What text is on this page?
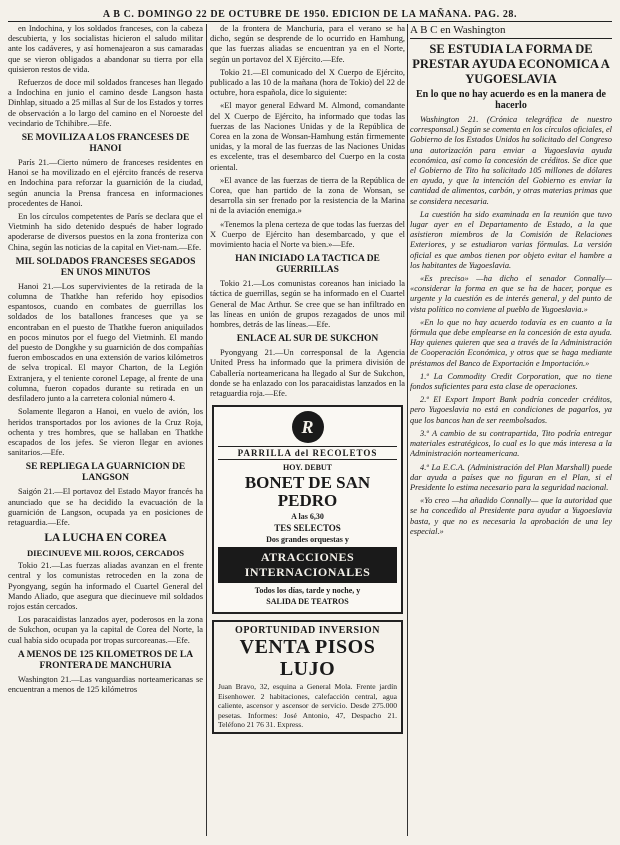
A B C. DOMINGO 22 DE OCTUBRE DE 1950. EDICION DE LA MAÑANA. PAG. 28.

en Indochina, y los soldados franceses, con la cabeza descubierta, y los socialistas hicieron el saludo militar ante los cadáveres, y así homenajearon a sus camaradas que se vieron obligados a abandonar su tierra por ella quisieron restos de vida.

Refuerzos de doce mil soldados franceses han llegado a Indochina en junio el camino desde Langson hasta Dinhlap, situado a 25 millas al Sur de los Estados y torres de observación a lo largo del camino en el Noroeste del vecindario de Tchihibre.—Efe.

SE MOVILIZA A LOS FRANCESES DE HANOI

París 21.—Cierto número de franceses residentes en Hanoi se ha movilizado en el ejército francés de reserva en Indochina para reforzar la guarnición de la ciudad, según anuncia la Prensa francesa en informaciones procedentes de Hanoi.

En los círculos competentes de París se declara que el Vietminh ha sido detenido después de haber logrado apoderarse de diversos puestos en la zona fronteriza con China, según las noticias de la capital en Viet-nam.—Efe.

MIL SOLDADOS FRANCESES SEGADOS EN UNOS MINUTOS

Hanoi 21.—Los supervivientes de la retirada de la columna de Thatkhe han referido hoy episodios espantosos, cuando en combates de guerrillas los soldados de los batallones franceses que ya se encontraban en el puesto de Thatkhe fueron aniquilados en pocos minutos por el fuego del Vietminh. El mando del puesto de Dongkhe y su guarnición de dos compañías fueron emboscados en una extensión de varios kilómetros de selva tropical. El mayor Charton, de la Legión Extranjera, y el teniente coronel Lepage, al frente de una columna, fueron copados durante su retirada en un desfiladero junto a la carretera colonial número 4.

Solamente llegaron a Hanoi, en vuelo de avión, los heridos transportados por los aviones de la Cruz Roja, ochenta y tres hombres, que se hallaban en Thatkhe escapados de los jefes. Se vieron llegar en aviones sanitarios.—Efe.

SE REPLIEGA LA GUARNICION DE LANGSON

Saigón 21.—El portavoz del Estado Mayor francés ha anunciado que se ha decidido la evacuación de la guarnición de Langson, ocupada ya en posiciones de retaguardia.—Efe.

LA LUCHA EN COREA
DIECINUEVE MIL ROJOS, CERCADOS

Tokio 21.—Las fuerzas aliadas avanzan en el frente central y los comunistas retroceden en la zona de Pyongyang, según ha informado el Cuartel General del Mando Aliado, que asegura que diecinueve mil soldados rojos están cercados.

Los paracaidistas lanzados ayer, poderosos en la zona de Sukchon, ocupan ya la capital de Corea del Norte, la cual había sido ocupada por tropas surcoreanas.—Efe.

A MENOS DE 125 KILOMETROS DE LA FRONTERA DE MANCHURIA

Washington 21.—Las vanguardias norteamericanas se encuentran a menos de 125 kilómetros

de la frontera de Manchuria, para el verano se ha dicho, según se desprende de lo ocurrido en Hamhung, que las fuerzas aliadas se encuentran ya en el Norte, según un portavoz del X Ejército.—Efe.

Tokio 21.—El comunicado del X Cuerpo de Ejército, publicado a las 10 de la mañana (hora de Tokio) del 22 de octubre, hora española, dice lo siguiente:

«El mayor general Edward M. Almond, comandante del X Cuerpo de Ejército, ha informado que todas las fuerzas de las Naciones Unidas y de la República de Corea en la zona de Wonsan-Hamhung están firmemente unidas, y la moral de las fuerzas de las Naciones Unidas es excelente, tras el desembarco del Cuerpo en la costa oriental.

»El avance de las fuerzas de tierra de la República de Corea, que han partido de la zona de Wonsan, se desarrolla sin ser frenado por la resistencia de la Marina ni de la aviación enemiga.»

«Tenemos la plena certeza de que todas las fuerzas del X Cuerpo de Ejército han desembarcado, y que el movimiento hacia el Norte va bien.»—Efe.

HAN INICIADO LA TACTICA DE GUERRILLAS

Tokio 21.—Los comunistas coreanos han iniciado la táctica de guerrillas, según se ha informado en el Cuartel General de Mac Arthur. Se cree que se han infiltrado en las líneas en unión de grupos rezagados de unos mil hombres, detrás de las líneas.—Efe.

ENLACE AL SUR DE SUKCHON

Pyongyang 21.—Un corresponsal de la Agencia United Press ha informado que la primera división de Caballería norteamericana ha llegado al Sur de Sukchon, donde se ha enlazado con los paracaidistas lanzados en la retaguardia roja.—Efe.

R
PARRILLA del RECOLETOS
HOY. DEBUT
BONET DE SAN
PEDRO
A las 6,30
TES SELECTOS
Dos grandes orquestas y
ATRACCIONES INTERNACIONALES
Todos los días, tarde y noche, y
SALIDA DE TEATROS
OPORTUNIDAD INVERSION
VENTA PISOS LUJO
Juan Bravo, 32, esquina a General Mola. Frente jardín Eisenhower. 2 habitaciones, calefacción central, agua caliente, ascensor y ascensor de servicio. Desde 275.000 pesetas. Informes: José Antonio, 47, Despacho 21. Teléfono 21 76 31. Express.
A B C en Washington
SE ESTUDIA LA FORMA DE PRESTAR AYUDA ECONOMICA A YUGOESLAVIA
En lo que no hay acuerdo es en la manera de hacerlo

Washington 21. (Crónica telegráfica de nuestro corresponsal.) Según se comenta en los círculos oficiales, el Gobierno de los Estados Unidos ha solicitado del Congreso una autorización para enviar a Yugoeslavia ayuda económica, así como la concesión de créditos. Se dice que el Gobierno de Tito ha solicitado 105 millones de dólares en ayuda, y que la intención del Gobierno es enviar la cantidad de alimentos, carbón, y otras materias primas que se considera necesaria.

La cuestión ha sido examinada en la reunión que tuvo lugar ayer en el Departamento de Estado, a la que asistieron miembros de la Comisión de Relaciones Exteriores, y se estudiaron varias fórmulas. La versión oficial es que ambos tienen por objeto evitar el hambre a los habitantes de Yugoeslavia.

«Es preciso» —ha dicho el senador Connally— «considerar la forma en que se ha de hacer, porque es urgente y la cuestión es de interés general, y del punto de vista político no conviene al pueblo de Yugoeslavia.»

«En lo que no hay acuerdo todavía es en cuanto a la fórmula que debe emplearse en la concesión de esta ayuda. Hay quienes quieren que sea a través de la Administración de Cooperación Económica, y otros que se haga mediante préstamos del Banco de Exportación e Importación.»

1.º La Commodity Credit Corporation, que no tiene fondos suficientes para esta clase de operaciones.

2.º El Export Import Bank podría conceder créditos, pero Yugoeslavia no está en condiciones de pagarlos, ya que los bancos han de ser reembolsados.

3.º A cambio de su contrapartida, Tito podría entregar materiales estratégicos, lo cual es lo que más interesa a la Administración norteamericana.

4.º La E.C.A. (Administración del Plan Marshall) puede dar ayuda a países que no figuran en el Plan, si el Presidente lo estima necesario para la seguridad nacional.

«Yo creo —ha añadido Connally— que la autoridad que se ha concedido al Presidente para ayudar a Yugoeslavia basta, y que no es necesaria la aprobación de una ley especial.»
